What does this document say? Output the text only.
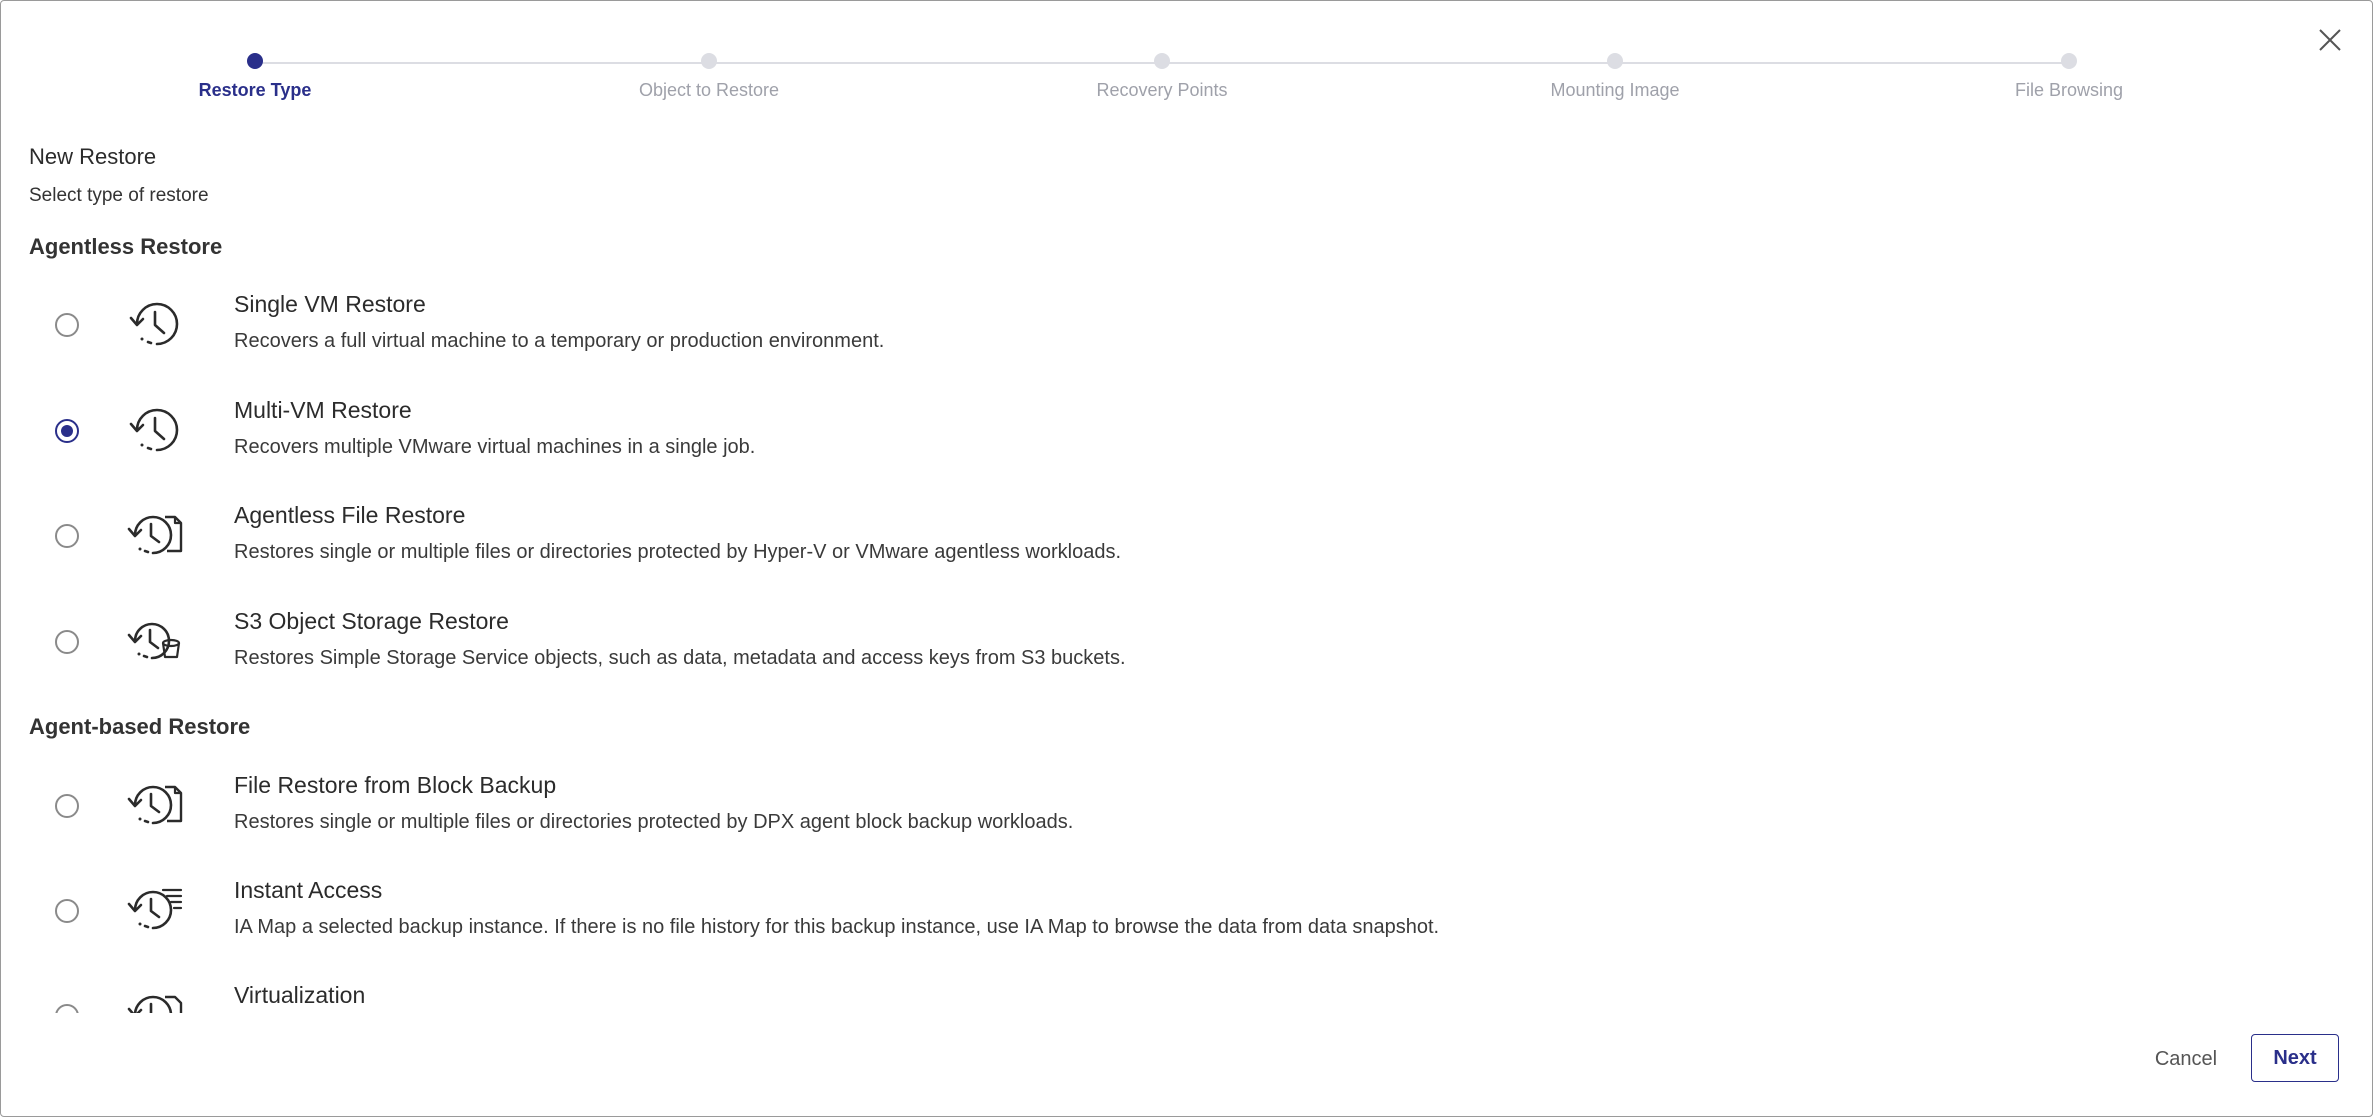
Restore Type	Object to Restore	Recovery Points	Mounting Image	File Browsing
New Restore
Select type of restore
Agentless Restore
Single VM Restore
Recovers a full virtual machine to a temporary or production environment.
Multi-VM Restore
Recovers multiple VMware virtual machines in a single job.
Agentless File Restore
Restores single or multiple files or directories protected by Hyper-V or VMware agentless workloads.
S3 Object Storage Restore
Restores Simple Storage Service objects, such as data, metadata and access keys from S3 buckets.
Agent-based Restore
File Restore from Block Backup
Restores single or multiple files or directories protected by DPX agent block backup workloads.
Instant Access
IA Map a selected backup instance. If there is no file history for this backup instance, use IA Map to browse the data from data snapshot.
Virtualization
Cancel	Next
